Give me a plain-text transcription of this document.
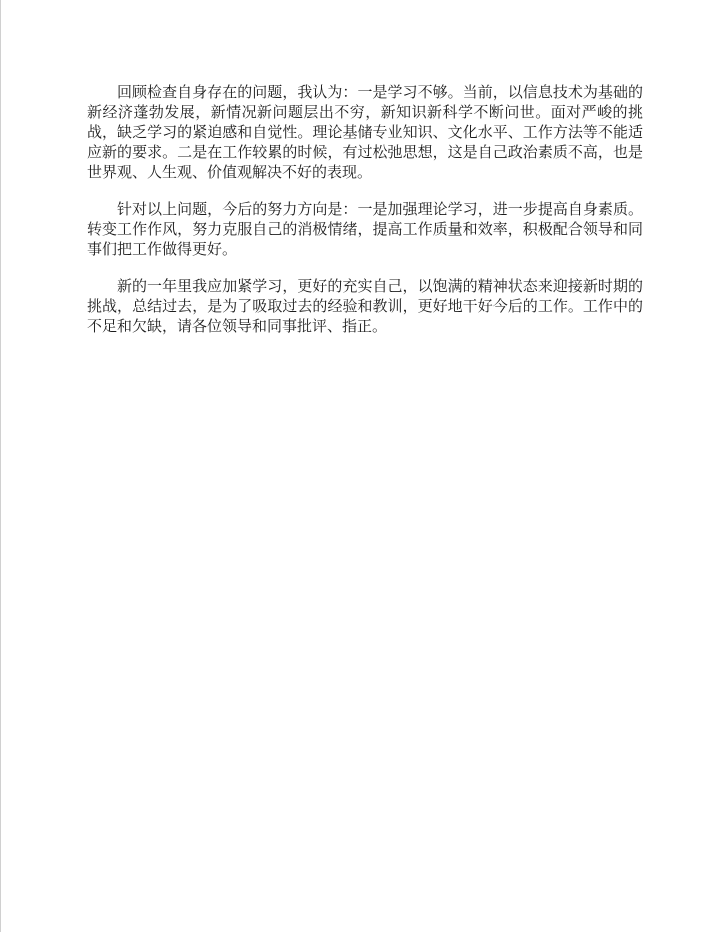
回顾检查自身存在的问题，我认为：一是学习不够。当前，以信息技术为基础的新经济蓬勃发展，新情况新问题层出不穷，新知识新科学不断问世。面对严峻的挑战，缺乏学习的紧迫感和自觉性。理论基储专业知识、文化水平、工作方法等不能适应新的要求。二是在工作较累的时候，有过松弛思想，这是自己政治素质不高，也是世界观、人生观、价值观解决不好的表现。

针对以上问题，今后的努力方向是：一是加强理论学习，进一步提高自身素质。转变工作作风，努力克服自己的消极情绪，提高工作质量和效率，积极配合领导和同事们把工作做得更好。

新的一年里我应加紧学习，更好的充实自己，以饱满的精神状态来迎接新时期的挑战，总结过去，是为了吸取过去的经验和教训，更好地干好今后的工作。工作中的不足和欠缺，请各位领导和同事批评、指正。
